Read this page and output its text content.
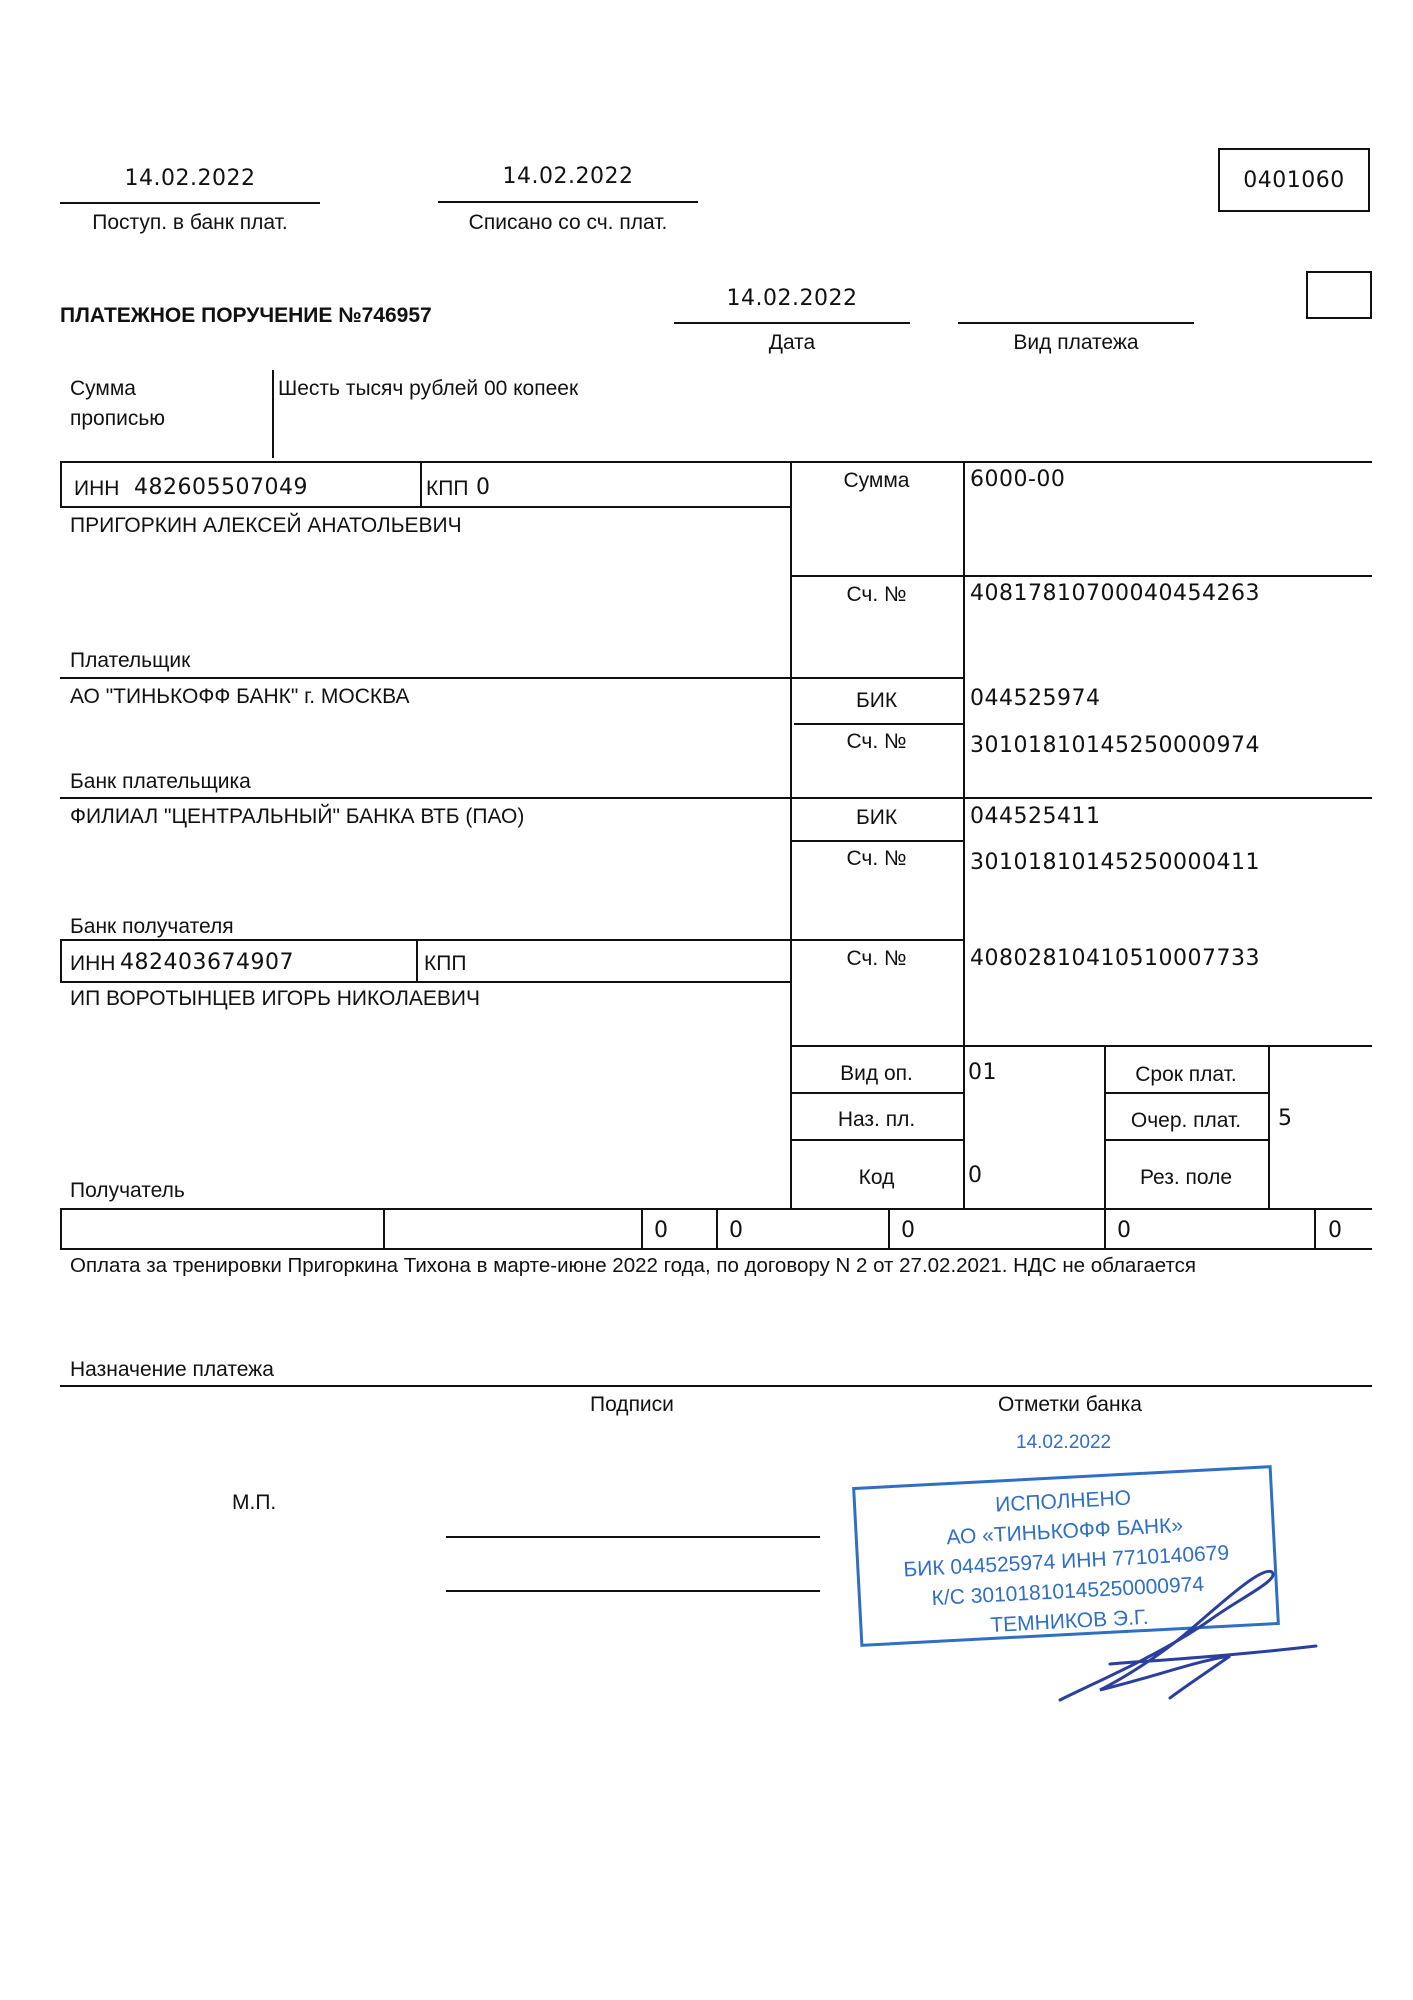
14.02.2022
Поступ. в банк плат.
14.02.2022
Списано со сч. плат.
0401060
ПЛАТЕЖНОЕ ПОРУЧЕНИЕ №746957
14.02.2022
Дата	Вид платежа
Сумма
прописью
Шесть тысяч рублей 00 копеек
ИНН 482605507049	КПП 0
ПРИГОРКИН АЛЕКСЕЙ АНАТОЛЬЕВИЧ
Плательщик
Сумма	6000-00
Сч. №	40817810700040454263
АО "ТИНЬКОФФ БАНК" г. МОСКВА
Банк плательщика
БИК	044525974
Сч. №	30101810145250000974
ФИЛИАЛ "ЦЕНТРАЛЬНЫЙ" БАНКА ВТБ (ПАО)
Банк получателя
БИК	044525411
Сч. №	30101810145250000411
ИНН 482403674907	КПП
ИП ВОРОТЫНЦЕВ ИГОРЬ НИКОЛАЕВИЧ
Получатель
Сч. №	40802810410510007733
Вид оп.	01
Наз. пл.
Код	0
Срок плат.
Очер. плат.	5
Рез. поле
0	0	0	0	0
Оплата за тренировки Пригоркина Тихона в марте-июне 2022 года, по договору N 2 от 27.02.2021. НДС не облагается
Назначение платежа
Подписи	Отметки банка
14.02.2022
М.П.	ИСПОЛНЕНО
АО «ТИНЬКОФФ БАНК»
БИК 044525974 ИНН 7710140679
К/С 30101810145250000974
ТЕМНИКОВ Э.Г.
